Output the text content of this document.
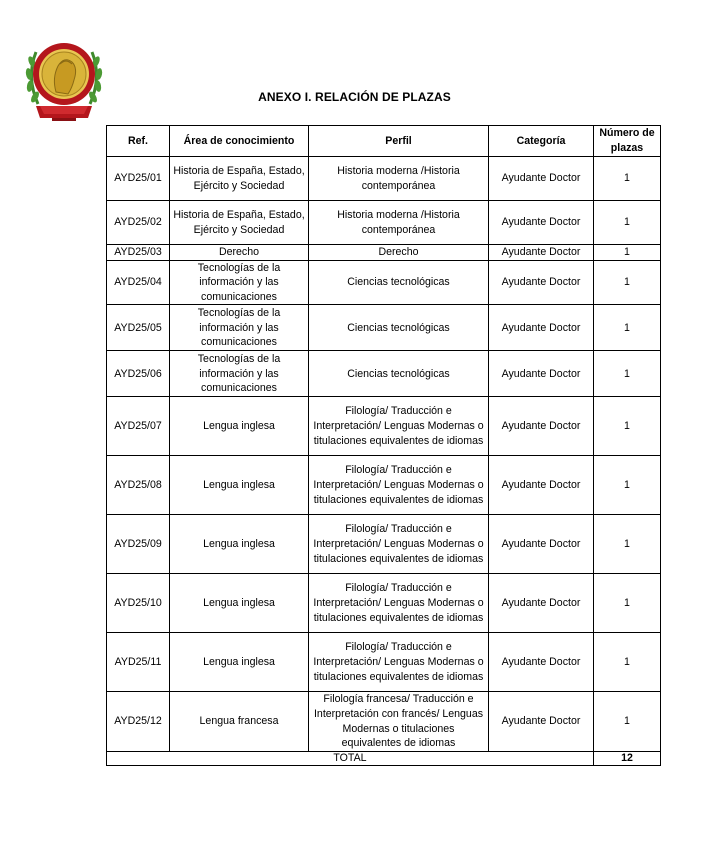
ANEXO I. RELACIÓN DE PLAZAS
Ref.	Área de conocimiento	Perfil	Categoría	Número de plazas
AYD25/01	Historia de España, Estado, Ejército y Sociedad	Historia moderna /Historia contemporánea	Ayudante Doctor	1
AYD25/02	Historia de España, Estado, Ejército y Sociedad	Historia moderna /Historia contemporánea	Ayudante Doctor	1
AYD25/03	Derecho	Derecho	Ayudante Doctor	1
AYD25/04	Tecnologías de la información y las comunicaciones	Ciencias tecnológicas	Ayudante Doctor	1
AYD25/05	Tecnologías de la información y las comunicaciones	Ciencias tecnológicas	Ayudante Doctor	1
AYD25/06	Tecnologías de la información y las comunicaciones	Ciencias tecnológicas	Ayudante Doctor	1
AYD25/07	Lengua inglesa	Filología/ Traducción e Interpretación/ Lenguas Modernas o titulaciones equivalentes de idiomas	Ayudante Doctor	1
AYD25/08	Lengua inglesa	Filología/ Traducción e Interpretación/ Lenguas Modernas o titulaciones equivalentes de idiomas	Ayudante Doctor	1
AYD25/09	Lengua inglesa	Filología/ Traducción e Interpretación/ Lenguas Modernas o titulaciones equivalentes de idiomas	Ayudante Doctor	1
AYD25/10	Lengua inglesa	Filología/ Traducción e Interpretación/ Lenguas Modernas o titulaciones equivalentes de idiomas	Ayudante Doctor	1
AYD25/11	Lengua inglesa	Filología/ Traducción e Interpretación/ Lenguas Modernas o titulaciones equivalentes de idiomas	Ayudante Doctor	1
AYD25/12	Lengua francesa	Filología francesa/ Traducción e Interpretación con francés/ Lenguas Modernas o titulaciones equivalentes de idiomas	Ayudante Doctor	1
TOTAL				12
